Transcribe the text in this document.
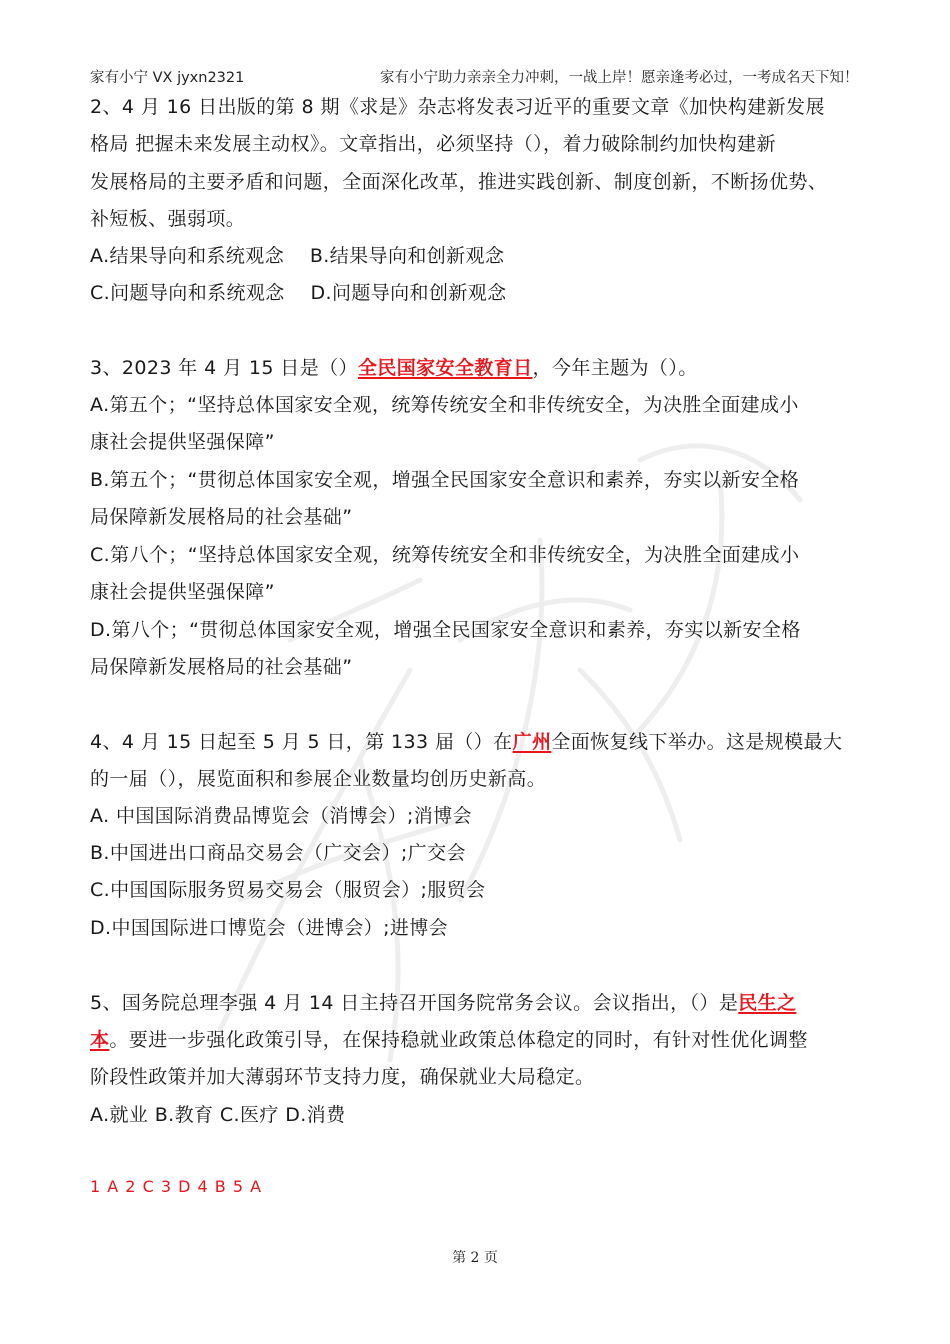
家有小宁 VX jyxn2321	家有小宁助力亲亲全力冲刺，一战上岸！愿亲逢考必过，一考成名天下知！
2、4 月 16 日出版的第 8 期《求是》杂志将发表习近平的重要文章《加快构建新发展
格局 把握未来发展主动权》。文章指出，必须坚持（），着力破除制约加快构建新
发展格局的主要矛盾和问题，全面深化改革，推进实践创新、制度创新，不断扬优势、
补短板、强弱项。
A.结果导向和系统观念 B.结果导向和创新观念
C.问题导向和系统观念 D.问题导向和创新观念
3、2023 年 4 月 15 日是（）全民国家安全教育日，今年主题为（）。
A.第五个；“坚持总体国家安全观，统筹传统安全和非传统安全，为决胜全面建成小
康社会提供坚强保障”
B.第五个；“贯彻总体国家安全观，增强全民国家安全意识和素养，夯实以新安全格
局保障新发展格局的社会基础”
C.第八个；“坚持总体国家安全观，统筹传统安全和非传统安全，为决胜全面建成小
康社会提供坚强保障”
D.第八个；“贯彻总体国家安全观，增强全民国家安全意识和素养，夯实以新安全格
局保障新发展格局的社会基础”
4、4 月 15 日起至 5 月 5 日，第 133 届（）在广州全面恢复线下举办。这是规模最大
的一届（），展览面积和参展企业数量均创历史新高。
A. 中国国际消费品博览会（消博会）;消博会
B.中国进出口商品交易会（广交会）;广交会
C.中国国际服务贸易交易会（服贸会）;服贸会
D.中国国际进口博览会（进博会）;进博会
5、国务院总理李强 4 月 14 日主持召开国务院常务会议。会议指出，（）是民生之
本。要进一步强化政策引导，在保持稳就业政策总体稳定的同时，有针对性优化调整
阶段性政策并加大薄弱环节支持力度，确保就业大局稳定。
A.就业 B.教育 C.医疗 D.消费
1 A 2 C 3 D 4 B 5 A
第 2 页
